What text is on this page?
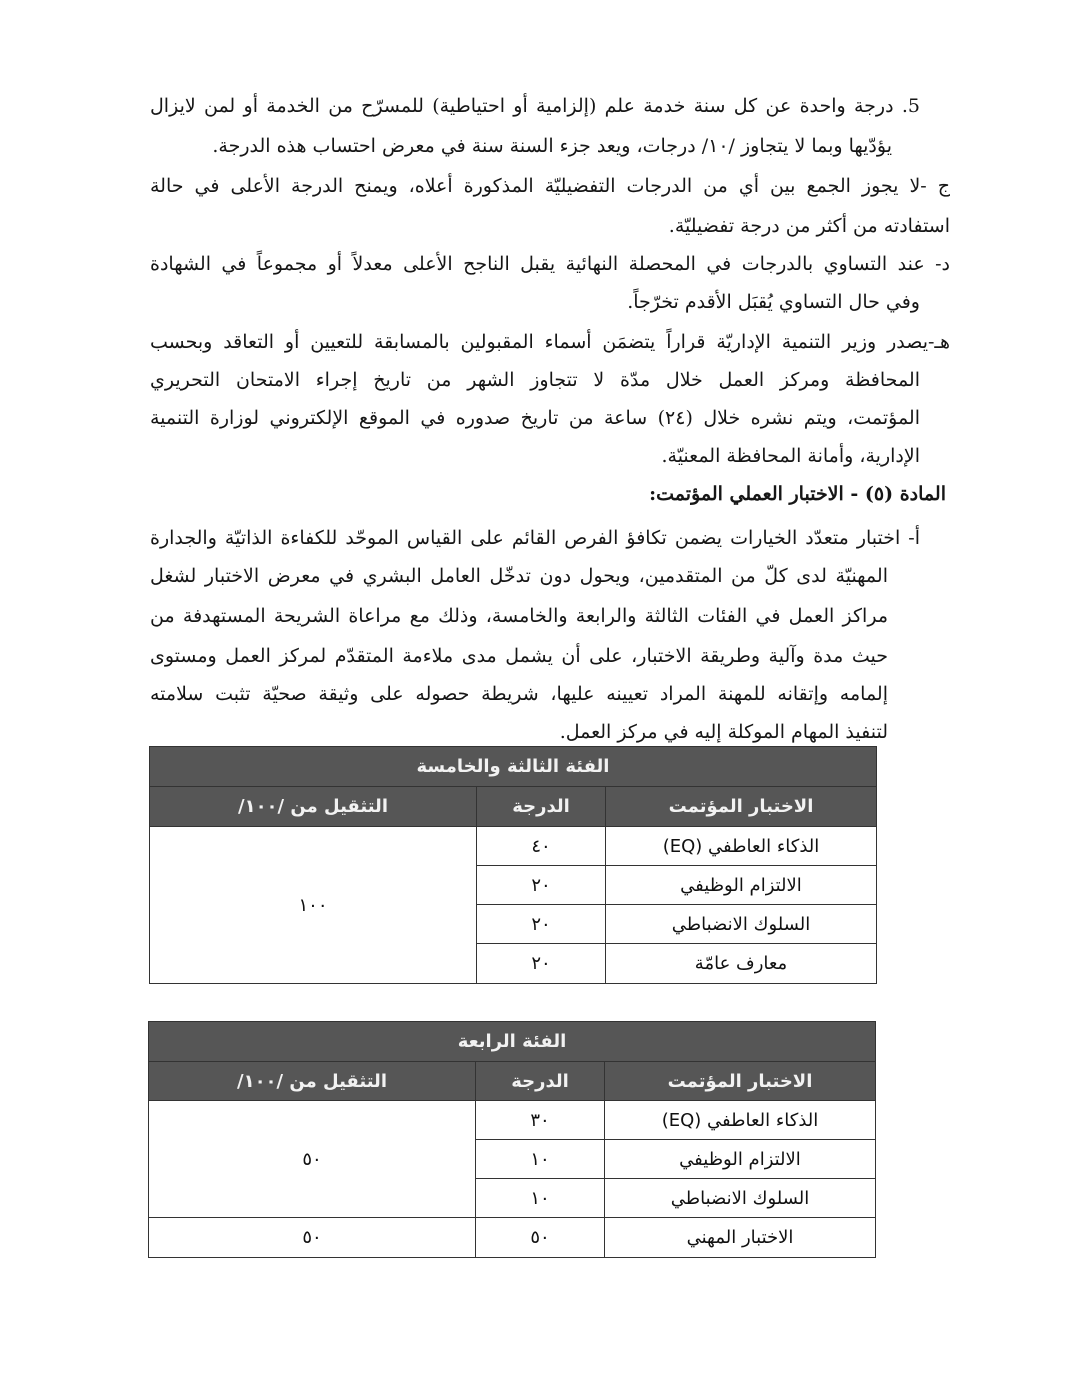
5. درجة واحدة عن كل سنة خدمة علم (إلزامية أو احتياطية) للمسرّح من الخدمة أو لمن لايزال
يؤدّيها وبما لا يتجاوز /١٠/ درجات، ويعد جزء السنة سنة في معرض احتساب هذه الدرجة.
ج -لا يجوز الجمع بين أي من الدرجات التفضيليّة المذكورة أعلاه، ويمنح الدرجة الأعلى في حالة
استفادته من أكثر من درجة تفضيليّة.
د- عند التساوي بالدرجات في المحصلة النهائية يقبل الناجح الأعلى معدلاً أو مجموعاً في الشهادة
وفي حال التساوي يُقبَل الأقدم تخرّجاً.
هـ-يصدر وزير التنمية الإداريّة قراراً يتضمَن أسماء المقبولين بالمسابقة للتعيين أو التعاقد وبحسب
المحافظة ومركز العمل خلال مدّة لا تتجاوز الشهر من تاريخ إجراء الامتحان التحريري
المؤتمت، ويتم نشره خلال (٢٤) ساعة من تاريخ صدوره في الموقع الإلكتروني لوزارة التنمية
الإدارية، وأمانة المحافظة المعنيّة.
المادة (٥) - الاختبار العملي المؤتمت:
أ- اختبار متعدّد الخيارات يضمن تكافؤ الفرص القائم على القياس الموحّد للكفاءة الذاتيّة والجدارة
المهنيّة لدى كلّ من المتقدمين، ويحول دون تدخّل العامل البشري في معرض الاختبار لشغل
مراكز العمل في الفئات الثالثة والرابعة والخامسة، وذلك مع مراعاة الشريحة المستهدفة من
حيث مدة وآلية وطريقة الاختبار، على أن يشمل مدى ملاءمة المتقدّم لمركز العمل ومستوى
إلمامه وإتقانه للمهنة المراد تعيينه عليها، شريطة حصوله على وثيقة صحيّة تثبت سلامته
لتنفيذ المهام الموكلة إليه في مركز العمل.
الفئة الثالثة والخامسة		
الاختبار المؤتمت	الدرجة	التثقيل من /١٠٠/
الذكاء العاطفي (EQ)	٤٠	١٠٠
الالتزام الوظيفي	٢٠	
السلوك الانضباطي	٢٠	
معارف عامّة	٢٠	
الفئة الرابعة		
الاختبار المؤتمت	الدرجة	التثقيل من /١٠٠/
الذكاء العاطفي (EQ)	٣٠	٥٠
الالتزام الوظيفي	١٠	
السلوك الانضباطي	١٠	
الاختبار المهني	٥٠	٥٠
